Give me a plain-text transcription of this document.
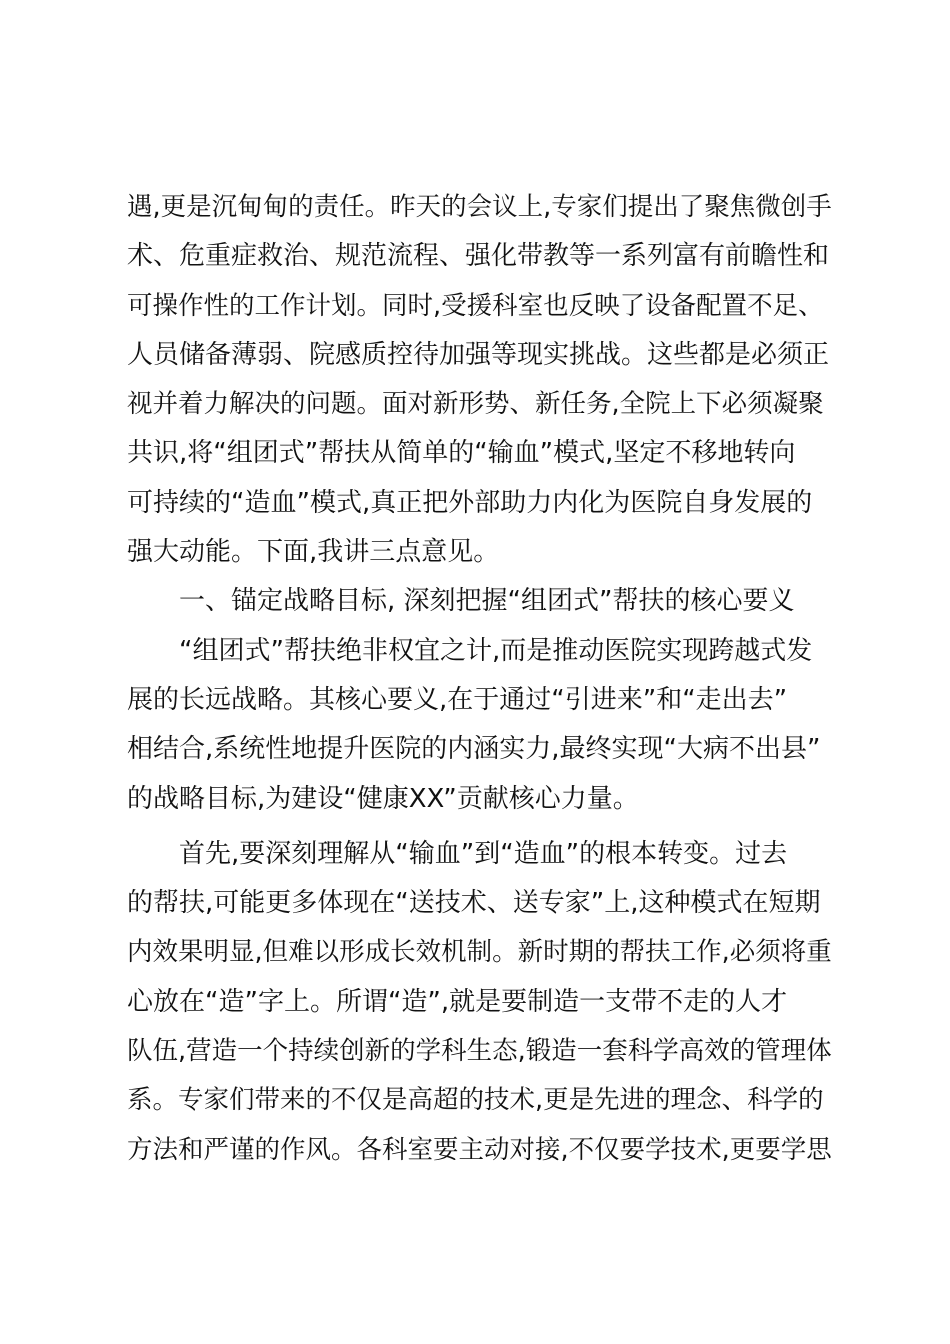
遇,更是沉甸甸的责任。昨天的会议上,专家们提出了聚焦微创手
术、危重症救治、规范流程、强化带教等一系列富有前瞻性和
可操作性的工作计划。同时,受援科室也反映了设备配置不足、
人员储备薄弱、院感质控待加强等现实挑战。这些都是必须正
视并着力解决的问题。面对新形势、新任务,全院上下必须凝聚
共识,将“组团式”帮扶从简单的“输血”模式,坚定不移地转向
可持续的“造血”模式,真正把外部助力内化为医院自身发展的
强大动能。下面,我讲三点意见。
一、锚定战略目标, 深刻把握“组团式”帮扶的核心要义
“组团式”帮扶绝非权宜之计,而是推动医院实现跨越式发
展的长远战略。其核心要义,在于通过“引进来”和“走出去”
相结合,系统性地提升医院的内涵实力,最终实现“大病不出县”
的战略目标,为建设“健康XX”贡献核心力量。
首先,要深刻理解从“输血”到“造血”的根本转变。过去
的帮扶,可能更多体现在“送技术、送专家”上,这种模式在短期
内效果明显,但难以形成长效机制。新时期的帮扶工作,必须将重
心放在“造”字上。所谓“造”,就是要制造一支带不走的人才
队伍,营造一个持续创新的学科生态,锻造一套科学高效的管理体
系。专家们带来的不仅是高超的技术,更是先进的理念、科学的
方法和严谨的作风。各科室要主动对接,不仅要学技术,更要学思
